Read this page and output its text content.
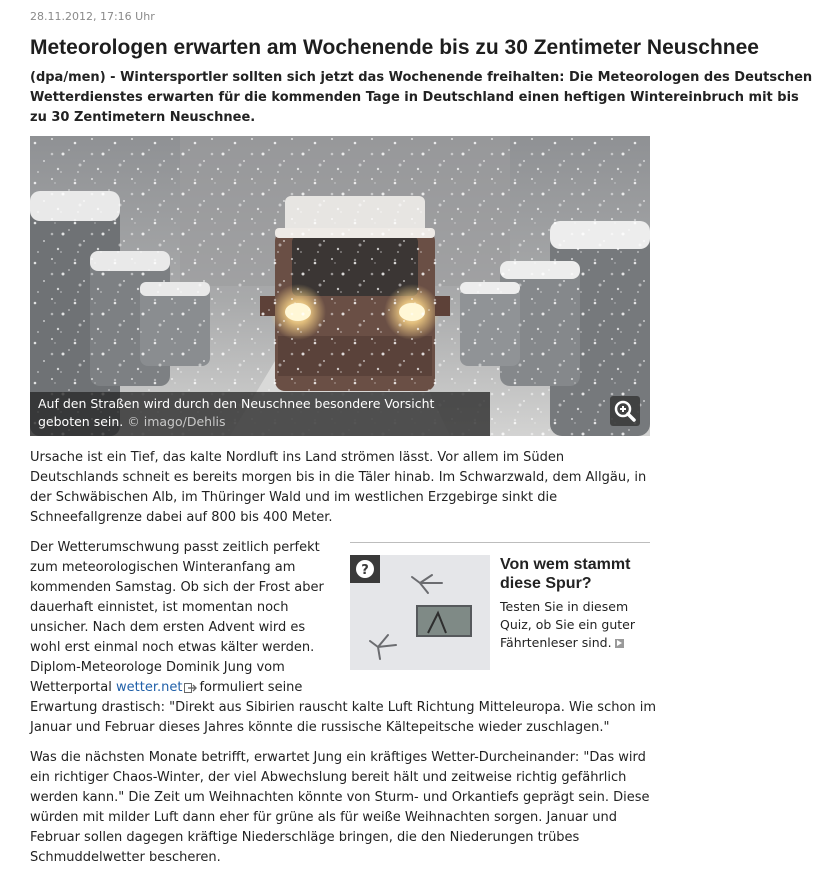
28.11.2012, 17:16 Uhr
Meteorologen erwarten am Wochenende bis zu 30 Zentimeter Neuschnee

(dpa/men) - Wintersportler sollten sich jetzt das Wochenende freihalten: Die Meteorologen des Deutschen Wetterdienstes erwarten für die kommenden Tage in Deutschland einen heftigen Wintereinbruch mit bis zu 30 Zentimetern Neuschnee.

Auf den Straßen wird durch den Neuschnee besondere Vorsicht geboten sein. © imago/Dehlis

Ursache ist ein Tief, das kalte Nordluft ins Land strömen lässt. Vor allem im Süden Deutschlands schneit es bereits morgen bis in die Täler hinab. Im Schwarzwald, dem Allgäu, in der Schwäbischen Alb, im Thüringer Wald und im westlichen Erzgebirge sinkt die Schneefallgrenze dabei auf 800 bis 400 Meter.

Der Wetterumschwung passt zeitlich perfekt zum meteorologischen Winteranfang am kommenden Samstag. Ob sich der Frost aber dauerhaft einnistet, ist momentan noch unsicher. Nach dem ersten Advent wird es wohl erst einmal noch etwas kälter werden. Diplom-Meteorologe Dominik Jung vom Wetterportal wetter.net formuliert seine

Erwartung drastisch: "Direkt aus Sibirien rauscht kalte Luft Richtung Mitteleuropa. Wie schon im Januar und Februar dieses Jahres könnte die russische Kältepeitsche wieder zuschlagen."

?	Von wem stammt diese Spur?

Testen Sie in diesem Quiz, ob Sie ein guter Fährtenleser sind.

Was die nächsten Monate betrifft, erwartet Jung ein kräftiges Wetter-Durcheinander: "Das wird ein richtiger Chaos-Winter, der viel Abwechslung bereit hält und zeitweise richtig gefährlich werden kann." Die Zeit um Weihnachten könnte von Sturm- und Orkantiefs geprägt sein. Diese würden mit milder Luft dann eher für grüne als für weiße Weihnachten sorgen. Januar und Februar sollen dagegen kräftige Niederschläge bringen, die den Niederungen trübes Schmuddelwetter bescheren.
